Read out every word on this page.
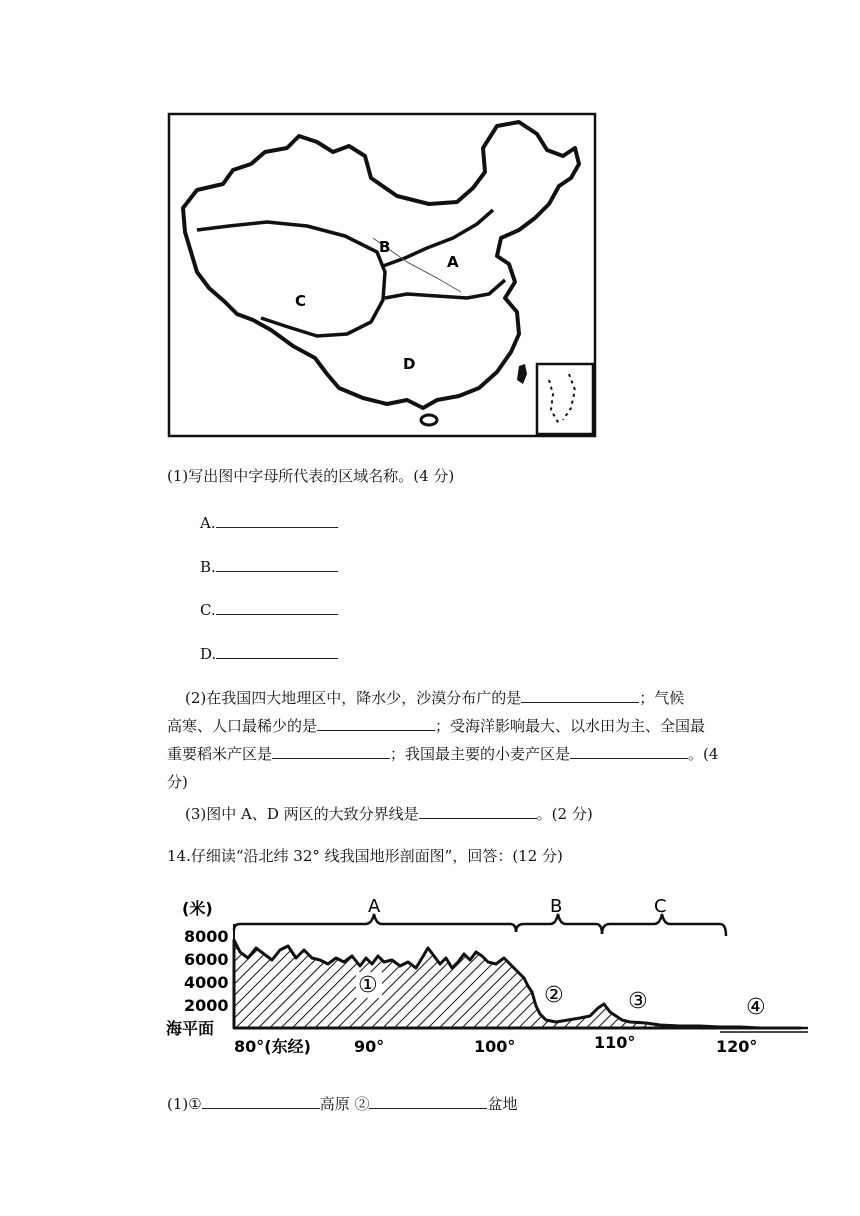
A
B
C
D
(1)写出图中字母所代表的区域名称。(4 分)
A.
B.
C.
D.
(2)在我国四大地理区中，降水少，沙漠分布广的是	；气候
高寒、人口最稀少的是	；受海洋影响最大、以水田为主、全国最
重要稻米产区是	；我国最主要的小麦产区是	。(4
分)
(3)图中 A、D 两区的大致分界线是	。(2 分)
14.仔细读“沿北纬 32° 线我国地形剖面图”，回答：(12 分)
(米)
8000
6000
4000
2000
海平面
A	B	C
①	②	③	④
80°(东经)	90°	100°	110°	120°
(1)①	高原 ②	盆地
